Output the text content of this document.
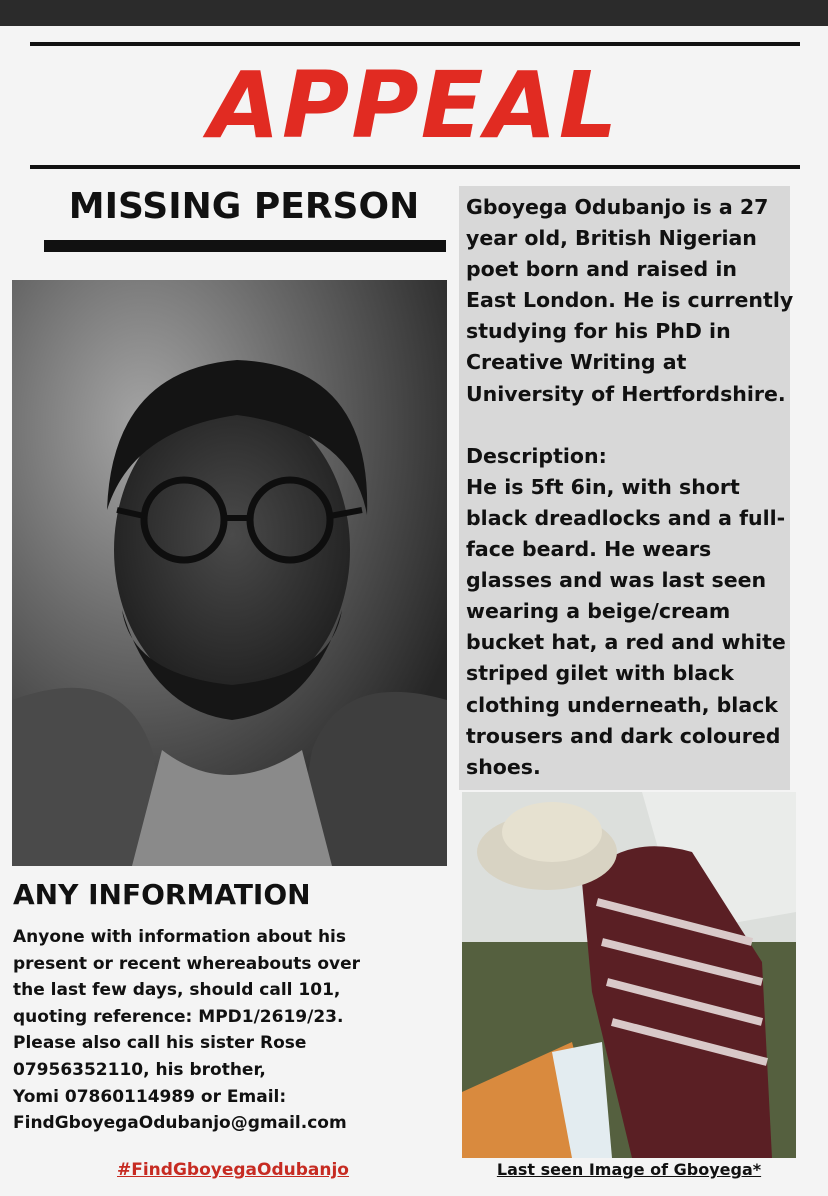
APPEAL
MISSING PERSON	Gboyega Odubanjo is a 27
year old, British Nigerian
poet born and raised in
East London. He is currently
studying for his PhD in
Creative Writing at
University of Hertfordshire.

Description:
He is 5ft 6in, with short
black dreadlocks and a full-
face beard. He wears
glasses and was last seen
wearing a beige/cream
bucket hat, a red and white
striped gilet with black
clothing underneath, black
trousers and dark coloured
shoes.
ANY INFORMATION
Anyone with information about his
present or recent whereabouts over
the last few days, should call 101,
quoting reference: MPD1/2619/23.
Please also call his sister Rose
07956352110, his brother,
Yomi 07860114989 or Email:
FindGboyegaOdubanjo@gmail.com
#FindGboyegaOdubanjo	Last seen Image of Gboyega*
